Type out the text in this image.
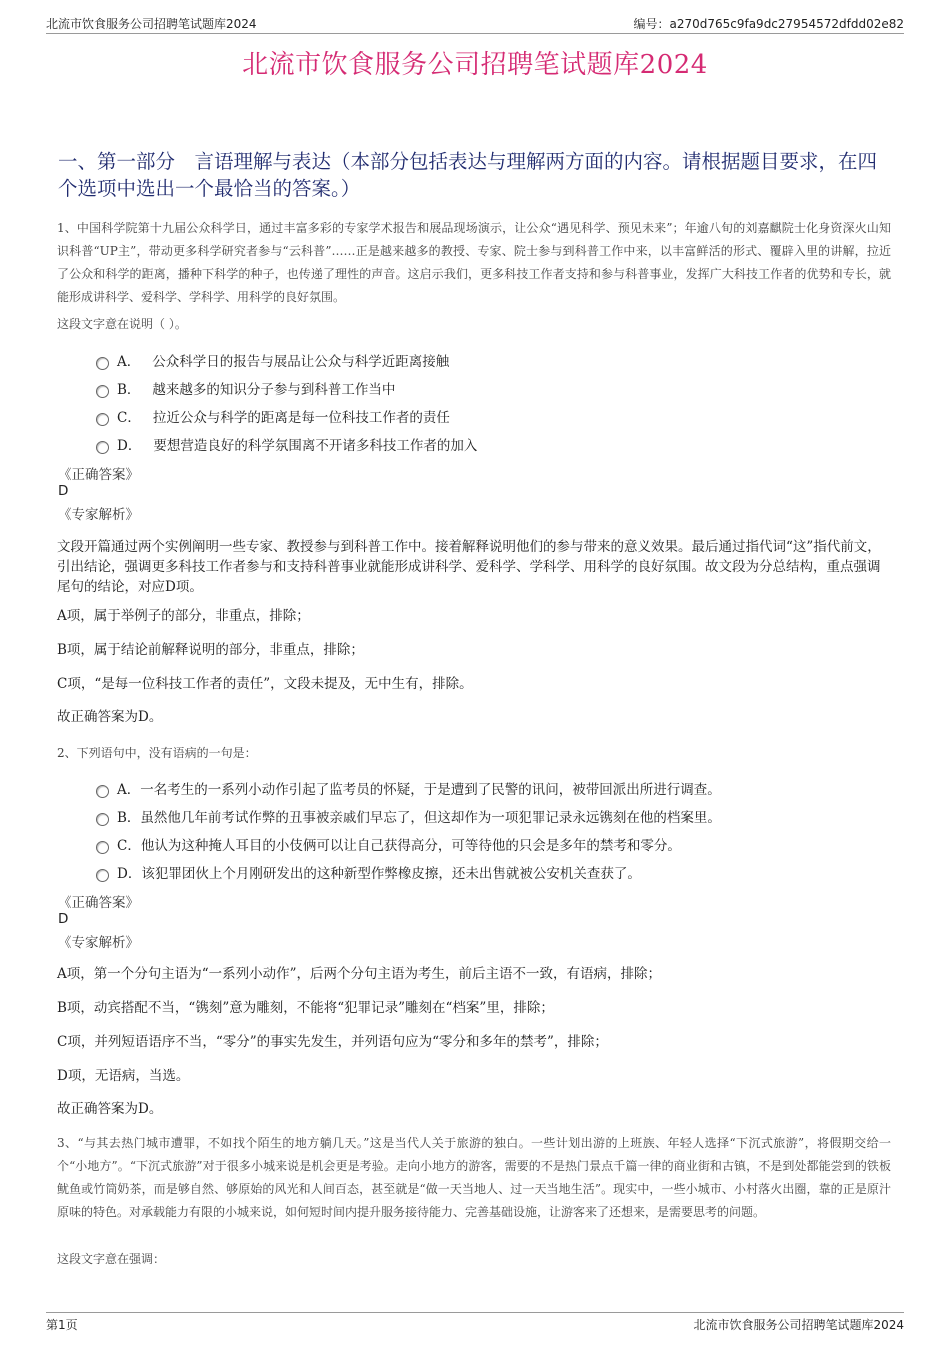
北流市饮食服务公司招聘笔试题库2024	编号：a270d765c9fa9dc27954572dfdd02e82
北流市饮食服务公司招聘笔试题库2024
一、第一部分　言语理解与表达（本部分包括表达与理解两方面的内容。请根据题目要求，在四个选项中选出一个最恰当的答案。）
1、中国科学院第十九届公众科学日，通过丰富多彩的专家学术报告和展品现场演示，让公众“遇见科学、预见未来”；年逾八旬的刘嘉麒院士化身资深火山知识科普“UP主”，带动更多科学研究者参与“云科普”……正是越来越多的教授、专家、院士参与到科普工作中来，以丰富鲜活的形式、覆辟入里的讲解，拉近了公众和科学的距离，播种下科学的种子，也传递了理性的声音。这启示我们，更多科技工作者支持和参与科普事业，发挥广大科技工作者的优势和专长，就能形成讲科学、爱科学、学科学、用科学的良好氛围。
这段文字意在说明（ ）。
A． 公众科学日的报告与展品让公众与科学近距离接触
B． 越来越多的知识分子参与到科普工作当中
C． 拉近公众与科学的距离是每一位科技工作者的责任
D． 要想营造良好的科学氛围离不开诸多科技工作者的加入
《正确答案》
D
《专家解析》
文段开篇通过两个实例阐明一些专家、教授参与到科普工作中。接着解释说明他们的参与带来的意义效果。最后通过指代词“这”指代前文，引出结论，强调更多科技工作者参与和支持科普事业就能形成讲科学、爱科学、学科学、用科学的良好氛围。故文段为分总结构，重点强调尾句的结论，对应D项。
A项，属于举例子的部分，非重点，排除；
B项，属于结论前解释说明的部分，非重点，排除；
C项，“是每一位科技工作者的责任”，文段未提及，无中生有，排除。
故正确答案为D。
2、下列语句中，没有语病的一句是：
A． 一名考生的一系列小动作引起了监考员的怀疑，于是遭到了民警的讯问，被带回派出所进行调查。
B． 虽然他几年前考试作弊的丑事被亲戚们早忘了，但这却作为一项犯罪记录永远镌刻在他的档案里。
C． 他认为这种掩人耳目的小伎俩可以让自己获得高分，可等待他的只会是多年的禁考和零分。
D． 该犯罪团伙上个月刚研发出的这种新型作弊橡皮擦，还未出售就被公安机关查获了。
《正确答案》
D
《专家解析》
A项，第一个分句主语为“一系列小动作”，后两个分句主语为考生，前后主语不一致，有语病，排除；
B项，动宾搭配不当，“镌刻”意为雕刻，不能将“犯罪记录”雕刻在“档案”里，排除；
C项，并列短语语序不当，“零分”的事实先发生，并列语句应为“零分和多年的禁考”，排除；
D项，无语病，当选。
故正确答案为D。
3、“与其去热门城市遭罪，不如找个陌生的地方躺几天。”这是当代人关于旅游的独白。一些计划出游的上班族、年轻人选择“下沉式旅游”，将假期交给一个“小地方”。“下沉式旅游”对于很多小城来说是机会更是考验。走向小地方的游客，需要的不是热门景点千篇一律的商业街和古镇，不是到处都能尝到的铁板鱿鱼或竹筒奶茶，而是够自然、够原始的风光和人间百态，甚至就是“做一天当地人、过一天当地生活”。现实中，一些小城市、小村落火出圈，靠的正是原汁原味的特色。对承载能力有限的小城来说，如何短时间内提升服务接待能力、完善基础设施，让游客来了还想来，是需要思考的问题。
这段文字意在强调：
第1页	北流市饮食服务公司招聘笔试题库2024
